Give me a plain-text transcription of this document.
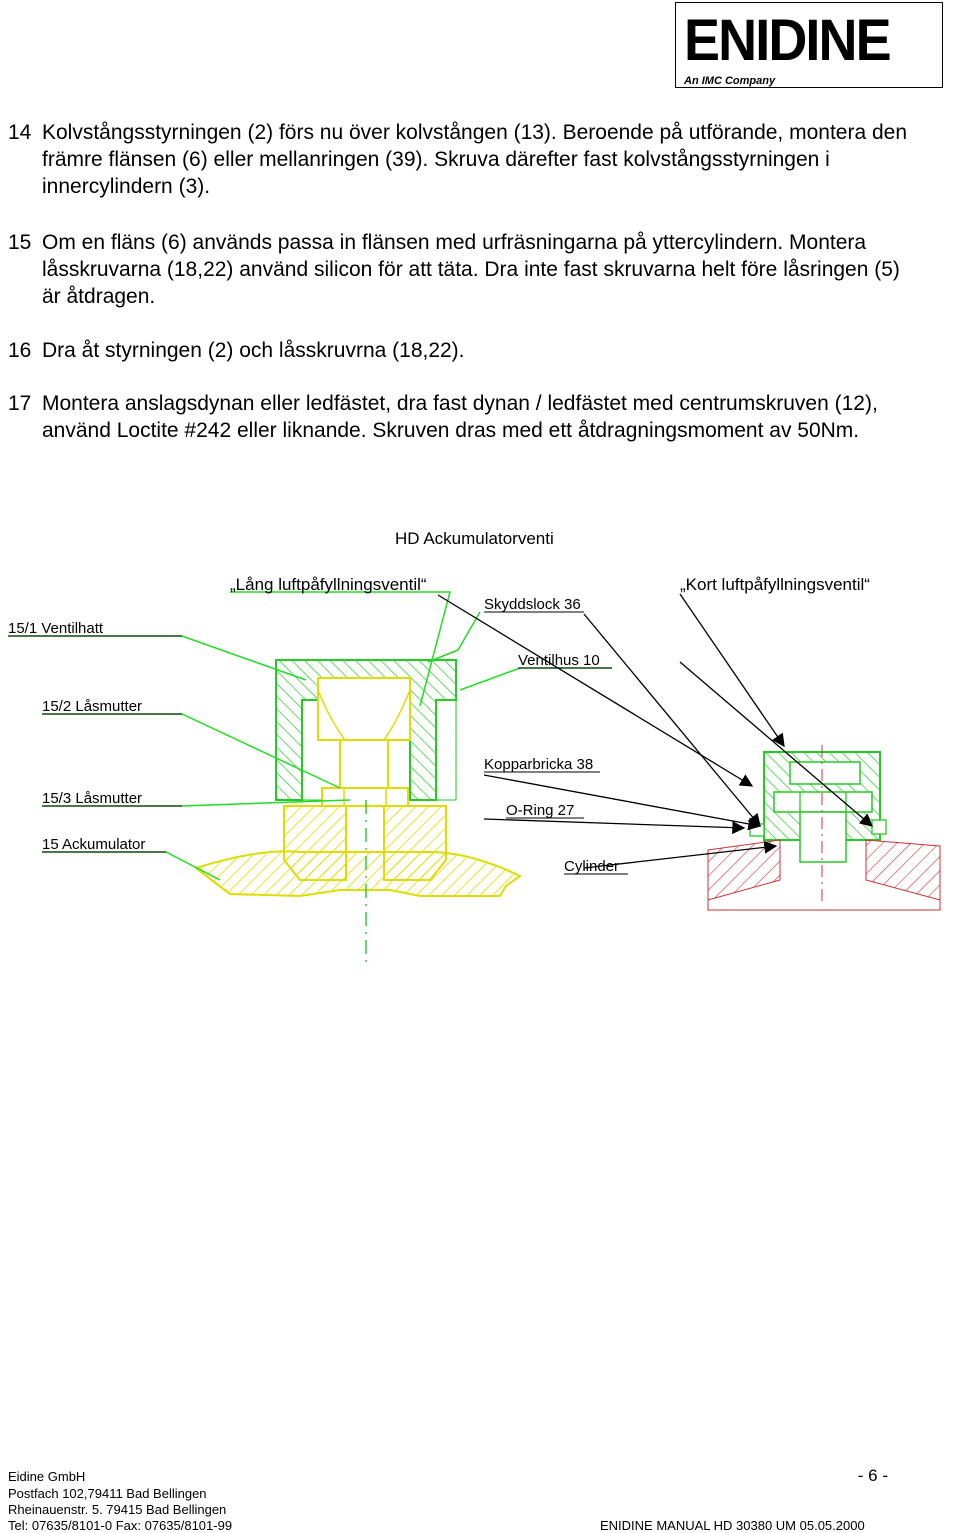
ENIDINE
An IMC Company
14 Kolvstångsstyrningen (2) förs nu över kolvstången (13). Beroende på utförande, montera den främre flänsen (6) eller mellanringen (39). Skruva därefter fast kolvstångsstyrningen i innercylindern (3).
15 Om en fläns (6) används passa in flänsen med urfräsningarna på yttercylindern. Montera låsskruvarna (18,22) använd silicon för att täta. Dra inte fast skruvarna helt före låsringen (5) är åtdragen.
16 Dra åt styrningen (2) och låsskruvrna (18,22).
17 Montera anslagsdynan eller ledfästet, dra fast dynan / ledfästet med centrumskruven (12), använd Loctite #242 eller liknande. Skruven dras med ett åtdragningsmoment av 50Nm.
HD Ackumulatorventi
„Lång luftpåfyllningsventil“	„Kort luftpåfyllningsventil“
15/1 Ventilhatt
Skyddslock 36
Ventilhus 10
15/2 Låsmutter
Kopparbricka 38
15/3 Låsmutter
O-Ring 27
15 Ackumulator
Cylinder
Eidine GmbH
Postfach 102,79411 Bad Bellingen
Rheinauenstr. 5. 79415 Bad Bellingen
Tel: 07635/8101-0 Fax: 07635/8101-99
- 6 -
ENIDINE MANUAL HD 30380 UM 05.05.2000
